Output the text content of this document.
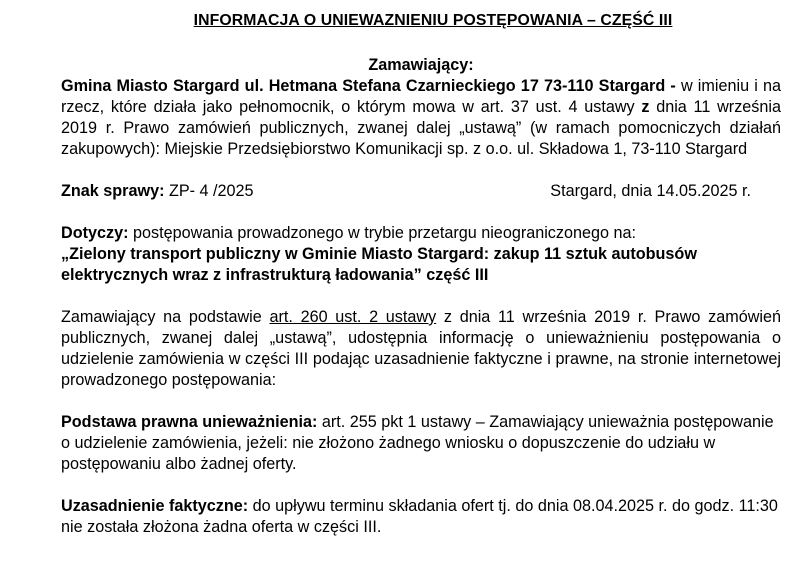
INFORMACJA O UNIEWAZNIENIU POSTĘPOWANIA – CZĘŚĆ III
Zamawiający:
Gmina Miasto Stargard ul. Hetmana Stefana Czarnieckiego 17 73-110 Stargard - w imieniu i na rzecz, które działa jako pełnomocnik, o którym mowa w art. 37 ust. 4 ustawy z dnia 11 września 2019 r. Prawo zamówień publicznych, zwanej dalej „ustawą” (w ramach pomocniczych działań zakupowych): Miejskie Przedsiębiorstwo Komunikacji sp. z o.o. ul. Składowa 1, 73-110 Stargard
Znak sprawy: ZP- 4 /2025	Stargard, dnia 14.05.2025 r.
Dotyczy: postępowania prowadzonego w trybie przetargu nieograniczonego na:
„Zielony transport publiczny w Gminie Miasto Stargard: zakup 11 sztuk autobusów elektrycznych wraz z infrastrukturą ładowania” część III
Zamawiający na podstawie art. 260 ust. 2 ustawy z dnia 11 września 2019 r. Prawo zamówień publicznych, zwanej dalej „ustawą”, udostępnia informację o unieważnieniu postępowania o udzielenie zamówienia w części III podając uzasadnienie faktyczne i prawne, na stronie internetowej prowadzonego postępowania:
Podstawa prawna unieważnienia: art. 255 pkt 1 ustawy – Zamawiający unieważnia postępowanie o udzielenie zamówienia, jeżeli: nie złożono żadnego wniosku o dopuszczenie do udziału w postępowaniu albo żadnej oferty.
Uzasadnienie faktyczne: do upływu terminu składania ofert tj. do dnia 08.04.2025 r. do godz. 11:30 nie została złożona żadna oferta w części III.
